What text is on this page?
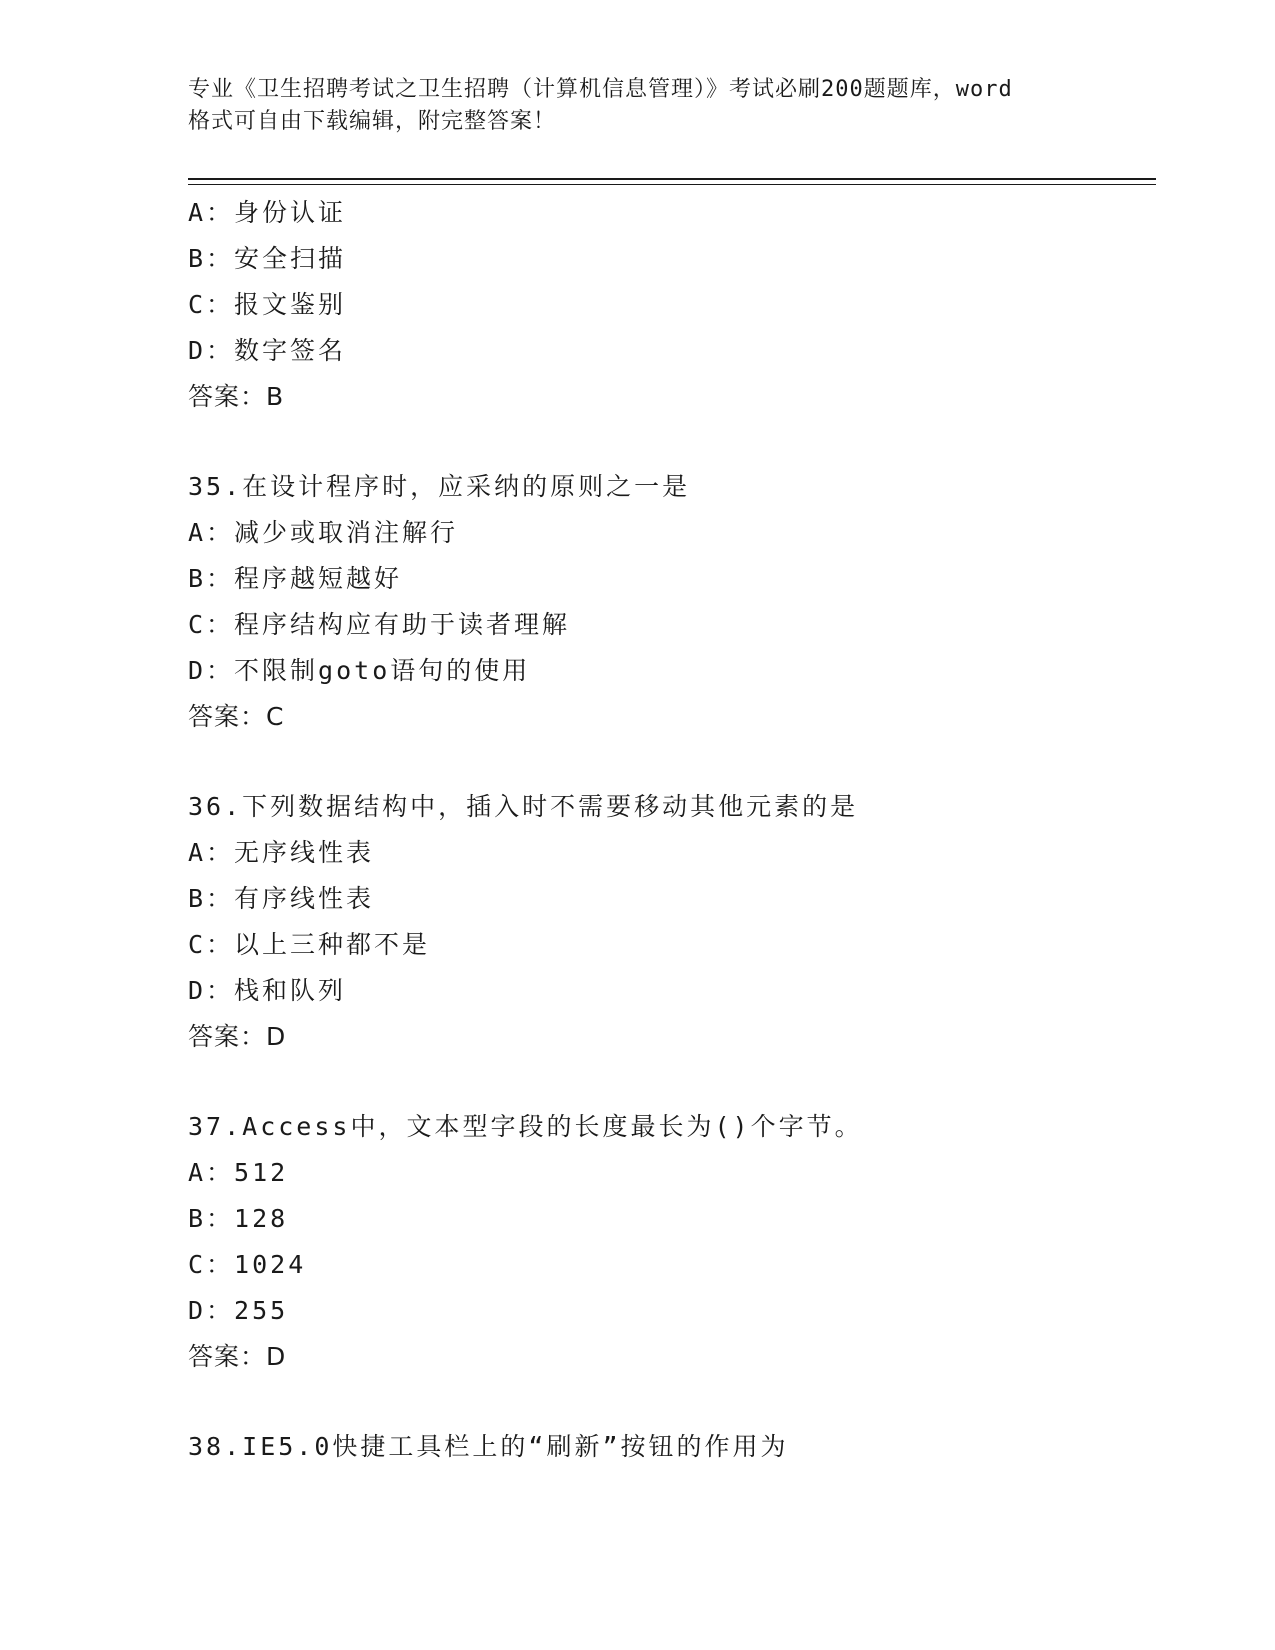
专业《卫生招聘考试之卫生招聘（计算机信息管理）》考试必刷200题题库，word
格式可自由下载编辑，附完整答案！
A：身份认证
B：安全扫描
C：报文鉴别
D：数字签名
答案：B
35.在设计程序时，应采纳的原则之一是
A：减少或取消注解行
B：程序越短越好
C：程序结构应有助于读者理解
D：不限制goto语句的使用
答案：C
36.下列数据结构中，插入时不需要移动其他元素的是
A：无序线性表
B：有序线性表
C：以上三种都不是
D：栈和队列
答案：D
37.Access中，文本型字段的长度最长为()个字节。
A：512
B：128
C：1024
D：255
答案：D
38.IE5.0快捷工具栏上的“刷新”按钮的作用为
